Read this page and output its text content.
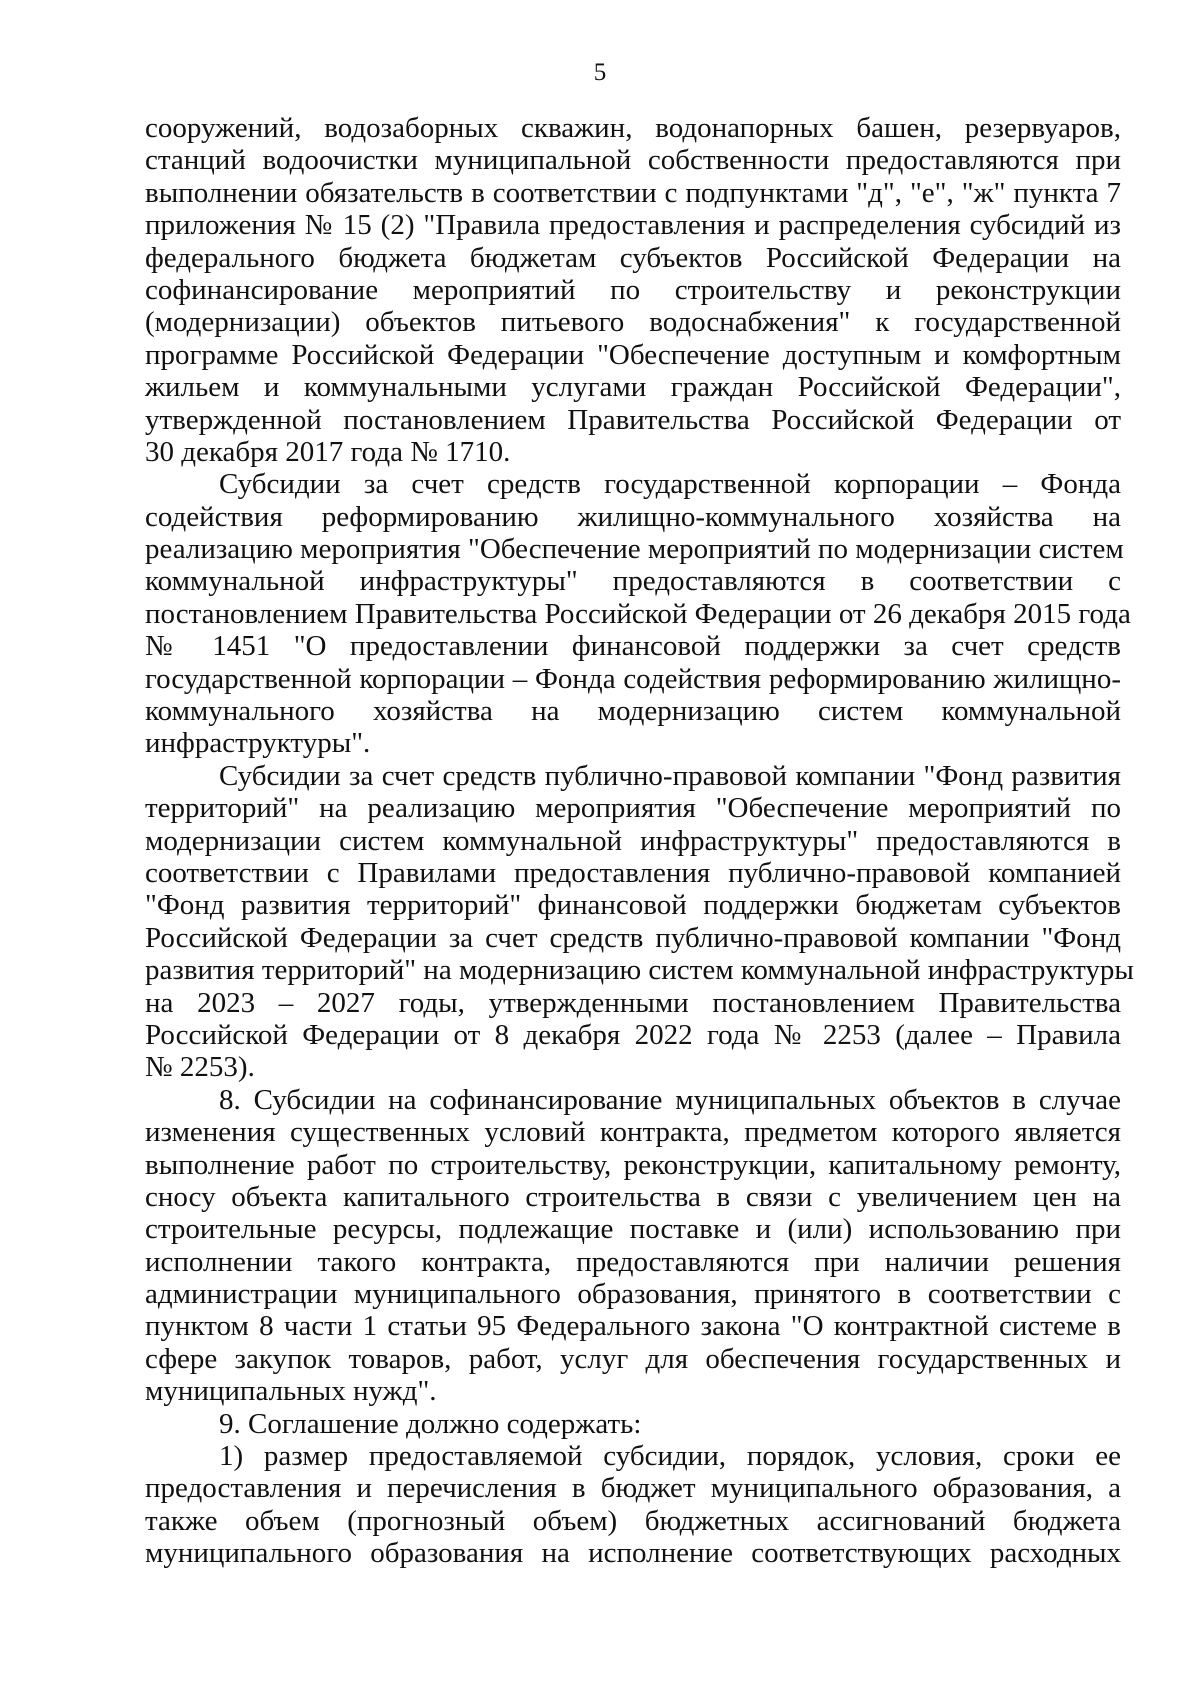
5
сооружений, водозаборных скважин, водонапорных башен, резервуаров,
станций водоочистки муниципальной собственности предоставляются при
выполнении обязательств в соответствии с подпунктами "д", "е", "ж" пункта 7
приложения № 15 (2) "Правила предоставления и распределения субсидий из
федерального бюджета бюджетам субъектов Российской Федерации на
софинансирование мероприятий по строительству и реконструкции
(модернизации) объектов питьевого водоснабжения" к государственной
программе Российской Федерации "Обеспечение доступным и комфортным
жильем и коммунальными услугами граждан Российской Федерации",
утвержденной постановлением Правительства Российской Федерации от
30 декабря 2017 года № 1710.
Субсидии за счет средств государственной корпорации – Фонда
содействия реформированию жилищно-коммунального хозяйства на
реализацию мероприятия "Обеспечение мероприятий по модернизации систем
коммунальной инфраструктуры" предоставляются в соответствии с
постановлением Правительства Российской Федерации от 26 декабря 2015 года
№ 1451 "О предоставлении финансовой поддержки за счет средств
государственной корпорации – Фонда содействия реформированию жилищно-
коммунального хозяйства на модернизацию систем коммунальной
инфраструктуры".
Субсидии за счет средств публично-правовой компании "Фонд развития
территорий" на реализацию мероприятия "Обеспечение мероприятий по
модернизации систем коммунальной инфраструктуры" предоставляются в
соответствии с Правилами предоставления публично-правовой компанией
"Фонд развития территорий" финансовой поддержки бюджетам субъектов
Российской Федерации за счет средств публично-правовой компании "Фонд
развития территорий" на модернизацию систем коммунальной инфраструктуры
на 2023 – 2027 годы, утвержденными постановлением Правительства
Российской Федерации от 8 декабря 2022 года № 2253 (далее – Правила
№ 2253).
8. Субсидии на софинансирование муниципальных объектов в случае
изменения существенных условий контракта, предметом которого является
выполнение работ по строительству, реконструкции, капитальному ремонту,
сносу объекта капитального строительства в связи с увеличением цен на
строительные ресурсы, подлежащие поставке и (или) использованию при
исполнении такого контракта, предоставляются при наличии решения
администрации муниципального образования, принятого в соответствии с
пунктом 8 части 1 статьи 95 Федерального закона "О контрактной системе в
сфере закупок товаров, работ, услуг для обеспечения государственных и
муниципальных нужд".
9. Соглашение должно содержать:
1) размер предоставляемой субсидии, порядок, условия, сроки ее
предоставления и перечисления в бюджет муниципального образования, а
также объем (прогнозный объем) бюджетных ассигнований бюджета
муниципального образования на исполнение соответствующих расходных
